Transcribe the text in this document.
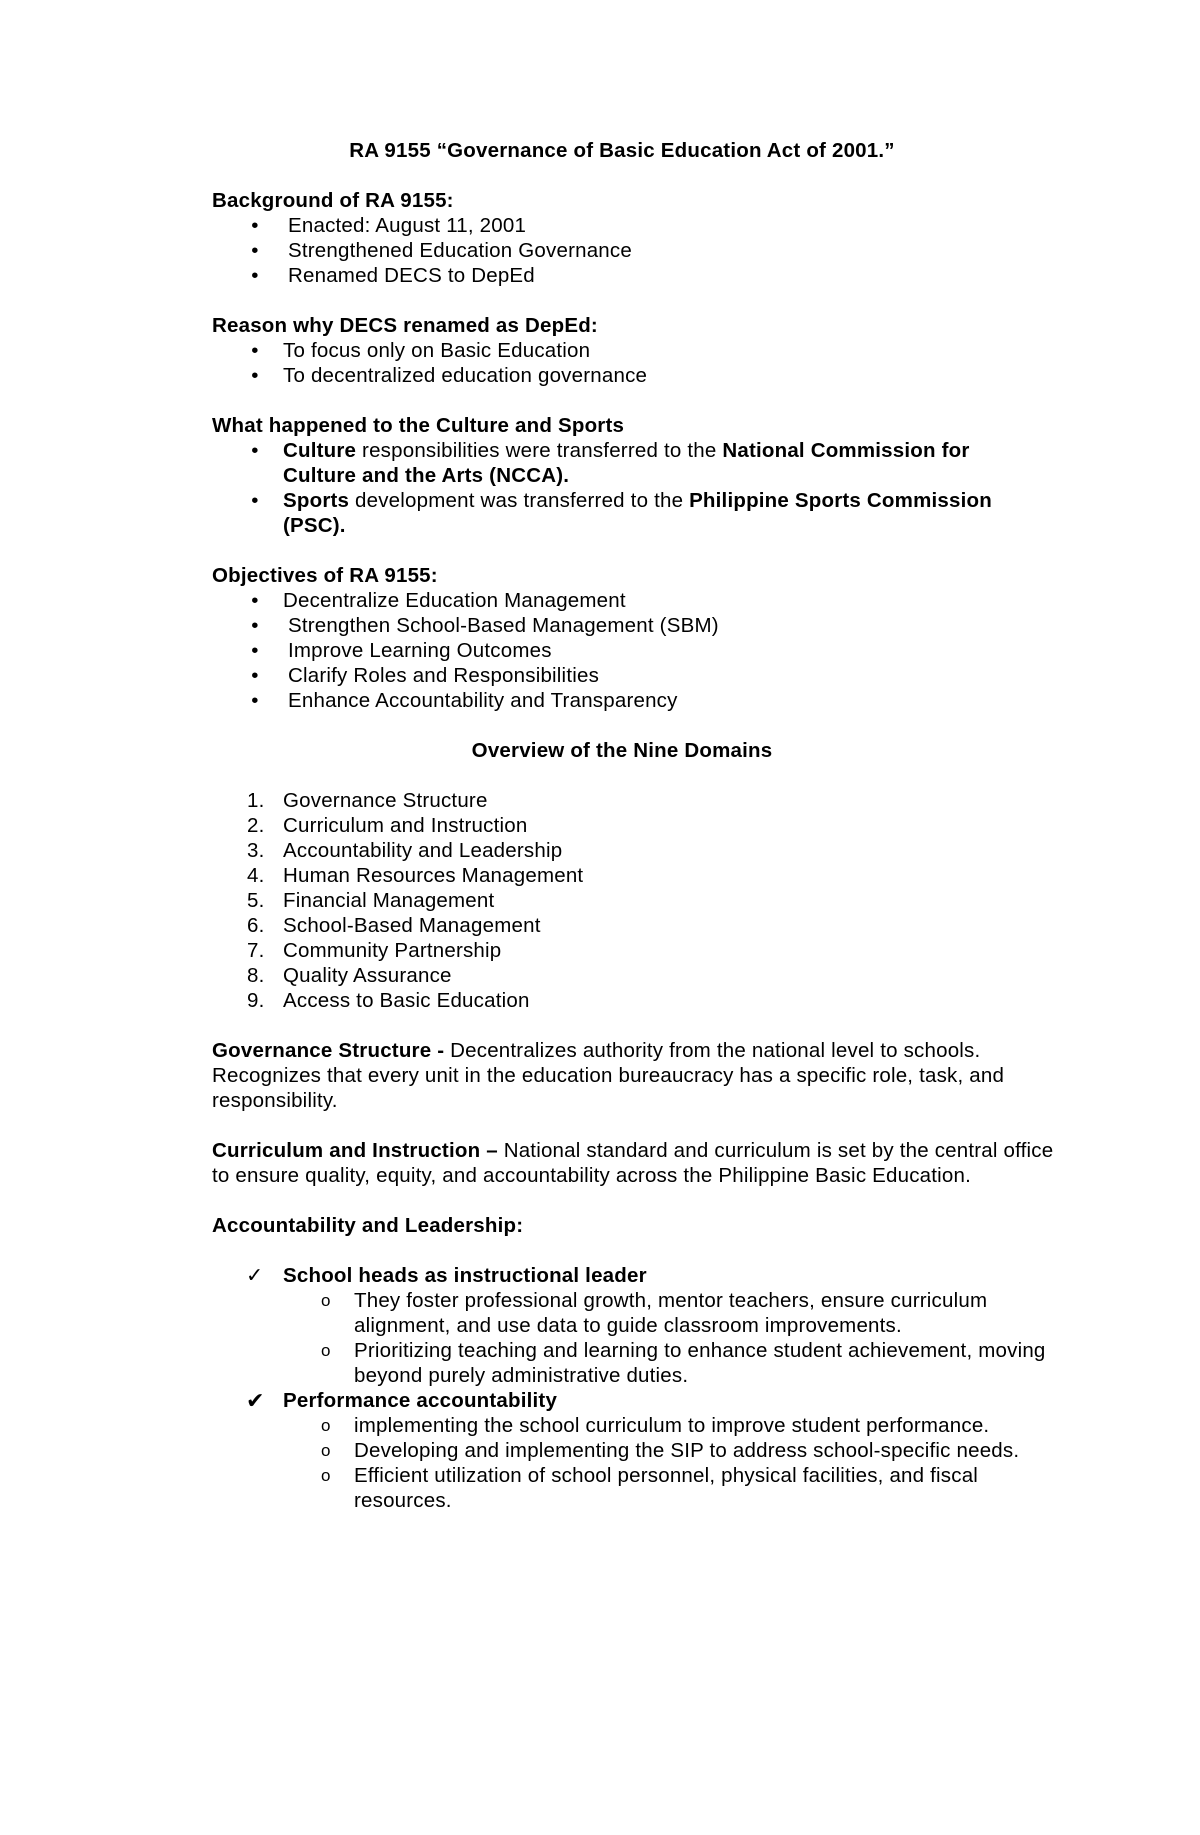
RA 9155 “Governance of Basic Education Act of 2001.”
Background of RA 9155:
• Enacted: August 11, 2001
• Strengthened Education Governance
• Renamed DECS to DepEd
Reason why DECS renamed as DepEd:
• To focus only on Basic Education
• To decentralized education governance
What happened to the Culture and Sports
• Culture responsibilities were transferred to the National Commission for Culture and the Arts (NCCA).
• Sports development was transferred to the Philippine Sports Commission (PSC).
Objectives of RA 9155:
• Decentralize Education Management
• Strengthen School-Based Management (SBM)
• Improve Learning Outcomes
• Clarify Roles and Responsibilities
• Enhance Accountability and Transparency
Overview of the Nine Domains
1. Governance Structure
2. Curriculum and Instruction
3. Accountability and Leadership
4. Human Resources Management
5. Financial Management
6. School-Based Management
7. Community Partnership
8. Quality Assurance
9. Access to Basic Education
Governance Structure - Decentralizes authority from the national level to schools. Recognizes that every unit in the education bureaucracy has a specific role, task, and responsibility.
Curriculum and Instruction – National standard and curriculum is set by the central office to ensure quality, equity, and accountability across the Philippine Basic Education.
Accountability and Leadership:
✓ School heads as instructional leader
o They foster professional growth, mentor teachers, ensure curriculum alignment, and use data to guide classroom improvements.
o Prioritizing teaching and learning to enhance student achievement, moving beyond purely administrative duties.
✔ Performance accountability
o implementing the school curriculum to improve student performance.
o Developing and implementing the SIP to address school-specific needs.
o Efficient utilization of school personnel, physical facilities, and fiscal resources.
